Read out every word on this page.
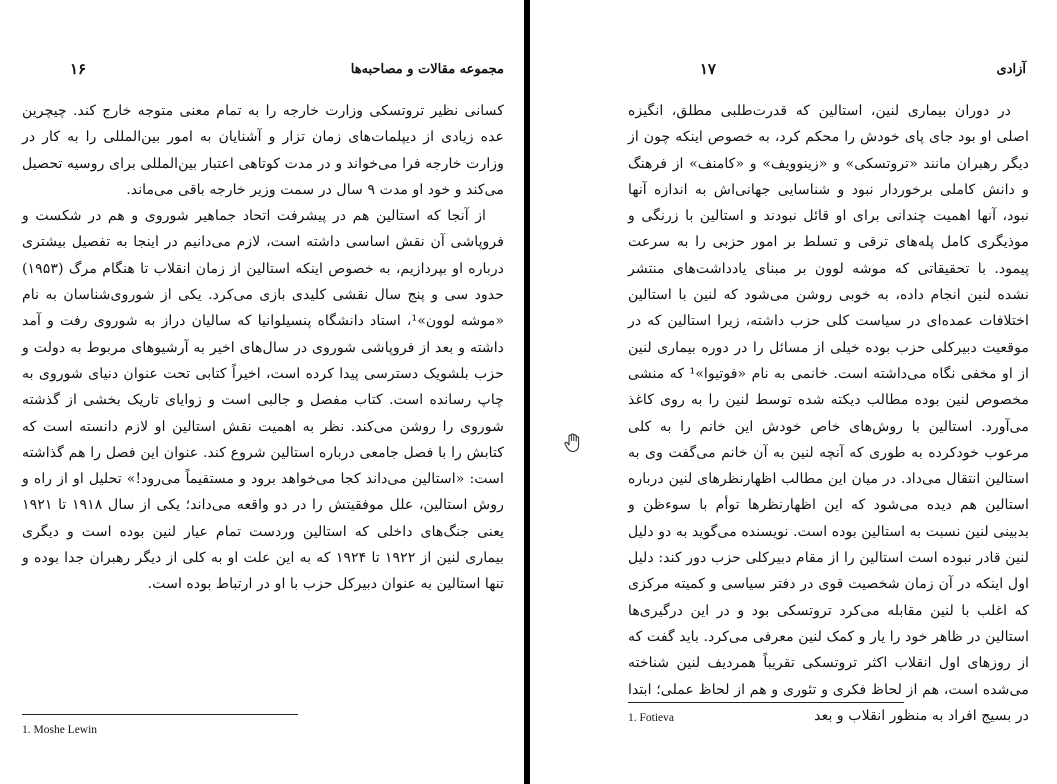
مجموعه مقالات و مصاحبه‌ها
۱۶

کسانی نظیر تروتسکی وزارت خارجه را به تمام معنی متوجه خارج کند. چیچرین عده زیادی از دیپلمات‌های زمان تزار و آشنایان به امور بین‌المللی را به کار در وزارت خارجه فرا می‌خواند و در مدت کوتاهی اعتبار بین‌المللی برای روسیه تحصیل می‌کند و خود او مدت ۹ سال در سمت وزیر خارجه باقی می‌ماند.

از آنجا که استالین هم در پیشرفت اتحاد جماهیر شوروی و هم در شکست و فروپاشی آن نقش اساسی داشته است، لازم می‌دانیم در اینجا به تفصیل بیشتری درباره او بپردازیم، به خصوص اینکه استالین از زمان انقلاب تا هنگام مرگ (۱۹۵۳) حدود سی و پنج سال نقشی کلیدی بازی می‌کرد. یکی از شوروی‌شناسان به نام «موشه لوون»¹، استاد دانشگاه پنسیلوانیا که سالیان دراز به شوروی رفت و آمد داشته و بعد از فروپاشی شوروی در سال‌های اخیر به آرشیوهای مربوط به دولت و حزب بلشویک دسترسی پیدا کرده است، اخیراً کتابی تحت عنوان دنیای شوروی به چاپ رسانده است. کتاب مفصل و جالبی است و زوایای تاریک بخشی از گذشته شوروی را روشن می‌کند. نظر به اهمیت نقش استالین او لازم دانسته است که کتابش را با فصل جامعی درباره استالین شروع کند. عنوان این فصل را هم گذاشته است: «استالین می‌داند کجا می‌خواهد برود و مستقیماً می‌رود!» تحلیل او از راه و روش استالین، علل موفقیتش را در دو واقعه می‌داند؛ یکی از سال ۱۹۱۸ تا ۱۹۲۱ یعنی جنگ‌های داخلی که استالین وردست تمام عیار لنین بوده است و دیگری بیماری لنین از ۱۹۲۲ تا ۱۹۲۴ که به این علت او به کلی از دیگر رهبران جدا بوده و تنها استالین به عنوان دبیرکل حزب با او در ارتباط بوده است.

1. Moshe Lewin
آزادی
۱۷

در دوران بیماری لنین، استالین که قدرت‌طلبی مطلق، انگیزه اصلی او بود جای پای خودش را محکم کرد، به خصوص اینکه چون از دیگر رهبران مانند «تروتسکی» و «زینوویف» و «کامنف» از فرهنگ و دانش کاملی برخوردار نبود و شناسایی جهانی‌اش به اندازه آنها نبود، آنها اهمیت چندانی برای او قائل نبودند و استالین با زرنگی و موذیگری کامل پله‌های ترقی و تسلط بر امور حزبی را به سرعت پیمود. با تحقیقاتی که موشه لوون بر مبنای یادداشت‌های منتشر نشده لنین انجام داده، به خوبی روشن می‌شود که لنین با استالین اختلافات عمده‌ای در سیاست کلی حزب داشته، زیرا استالین که در موقعیت دبیرکلی حزب بوده خیلی از مسائل را در دوره بیماری لنین از او مخفی نگاه می‌داشته است. خانمی به نام «فوتیوا»¹ که منشی مخصوص لنین بوده مطالب دیکته شده توسط لنین را به روی کاغذ می‌آورد. استالین با روش‌های خاص خودش این خانم را به کلی مرعوب خودکرده به طوری که آنچه لنین به آن خانم می‌گفت وی به استالین انتقال می‌داد. در میان این مطالب اظهارنظرهای لنین درباره استالین هم دیده می‌شود که این اظهارنظرها توأم با سوءظن و بدبینی لنین نسبت به استالین بوده است. نویسنده می‌گوید به دو دلیل لنین قادر نبوده است استالین را از مقام دبیرکلی حزب دور کند: دلیل اول اینکه در آن زمان شخصیت قوی در دفتر سیاسی و کمیته مرکزی که اغلب با لنین مقابله می‌کرد تروتسکی بود و در این درگیری‌ها استالین در ظاهر خود را یار و کمک لنین معرفی می‌کرد. باید گفت که از روزهای اول انقلاب اکثر تروتسکی تقریباً همردیف لنین شناخته می‌شده است، هم از لحاظ فکری و تئوری و هم از لحاظ عملی؛ ابتدا در بسیج افراد به منظور انقلاب و بعد

1. Fotieva
